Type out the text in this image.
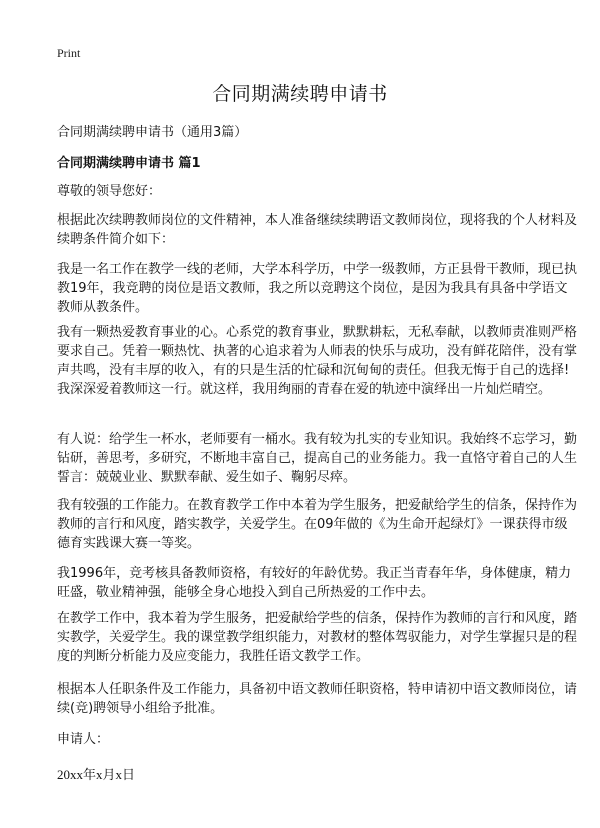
Print
合同期满续聘申请书
合同期满续聘申请书（通用3篇）
合同期满续聘申请书 篇1
尊敬的领导您好：
根据此次续聘教师岗位的文件精神，本人准备继续续聘语文教师岗位，现将我的个人材料及续聘条件简介如下：
我是一名工作在教学一线的老师，大学本科学历，中学一级教师，方正县骨干教师，现已执教19年，我竞聘的岗位是语文教师，我之所以竞聘这个岗位，是因为我具有具备中学语文教师从教条件。
我有一颗热爱教育事业的心。心系党的教育事业，默默耕耘，无私奉献，以教师责准则严格要求自己。凭着一颗热忱、执著的心追求着为人师表的快乐与成功，没有鲜花陪伴，没有掌声共鸣，没有丰厚的收入，有的只是生活的忙碌和沉甸甸的责任。但我无悔于自己的选择!我深深爱着教师这一行。就这样，我用绚丽的青春在爱的轨迹中演绎出一片灿烂晴空。
有人说：给学生一杯水，老师要有一桶水。我有较为扎实的专业知识。我始终不忘学习，勤钻研，善思考，多研究，不断地丰富自己，提高自己的业务能力。我一直恪守着自己的人生誓言：兢兢业业、默默奉献、爱生如子、鞠躬尽瘁。
我有较强的工作能力。在教育教学工作中本着为学生服务，把爱献给学生的信条，保持作为教师的言行和风度，踏实教学，关爱学生。在09年做的《为生命开起绿灯》一课获得市级德育实践课大赛一等奖。
我1996年，竞考核具备教师资格，有较好的年龄优势。我正当青春年华，身体健康，精力旺盛，敬业精神强，能够全身心地投入到自己所热爱的工作中去。
在教学工作中，我本着为学生服务，把爱献给学些的信条，保持作为教师的言行和风度，踏实教学，关爱学生。我的课堂教学组织能力，对教材的整体驾驭能力，对学生掌握只是的程度的判断分析能力及应变能力，我胜任语文教学工作。
根据本人任职条件及工作能力，具备初中语文教师任职资格，特申请初中语文教师岗位，请续(竞)聘领导小组给予批准。
申请人：
20xx年x月x日
